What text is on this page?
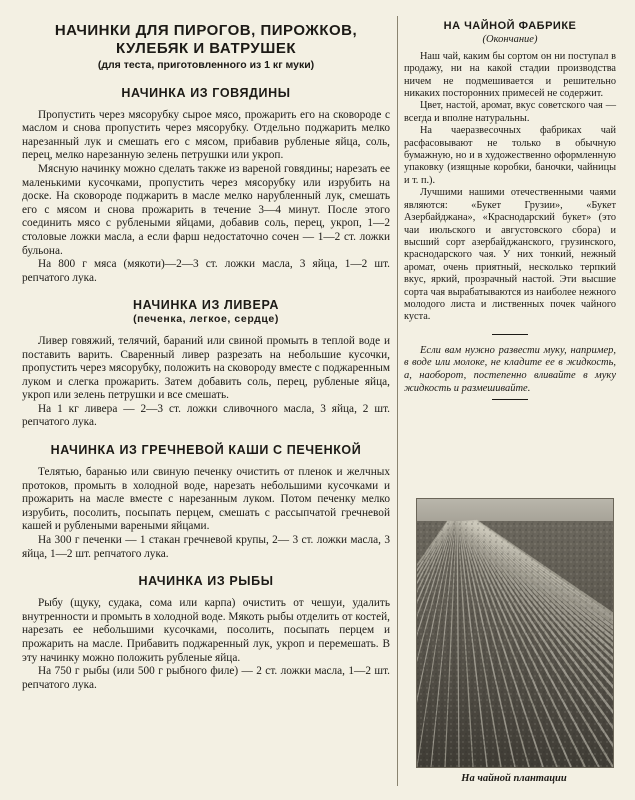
НАЧИНКИ ДЛЯ ПИРОГОВ, ПИРОЖКОВ,
КУЛЕБЯК И ВАТРУШЕК
(для теста, приготовленного из 1 кг муки)
НАЧИНКА ИЗ ГОВЯДИНЫ

Пропустить через мясорубку сырое мясо, прожарить его на сковороде с маслом и снова пропустить через мясорубку. Отдельно поджарить мелко нарезанный лук и смешать его с мясом, прибавив рубленые яйца, соль, перец, мелко нарезанную зелень петрушки или укроп.

Мясную начинку можно сделать также из вареной говядины; нарезать ее маленькими кусочками, пропустить через мясорубку или изрубить на доске. На сковороде поджарить в масле мелко нарубленный лук, смешать его с мясом и снова прожарить в течение 3—4 минут. После этого соединить мясо с рублеными яйцами, добавив соль, перец, укроп, 1—2 столовые ложки масла, а если фарш недостаточно сочен — 1—2 ст. ложки бульона.

На 800 г мяса (мякоти)—2—3 ст. ложки масла, 3 яйца, 1—2 шт. репчатого лука.

НАЧИНКА ИЗ ЛИВЕРА
(печенка, легкое, сердце)

Ливер говяжий, телячий, бараний или свиной промыть в теплой воде и поставить варить. Сваренный ливер разрезать на небольшие кусочки, пропустить через мясорубку, положить на сковороду вместе с поджаренным луком и слегка прожарить. Затем добавить соль, перец, рубленые яйца, укроп или зелень петрушки и все смешать.

На 1 кг ливера — 2—3 ст. ложки сливочного масла, 3 яйца, 2 шт. репчатого лука.

НАЧИНКА ИЗ ГРЕЧНЕВОЙ КАШИ С ПЕЧЕНКОЙ

Телятью, баранью или свиную печенку очистить от пленок и желчных протоков, промыть в холодной воде, нарезать небольшими кусочками и прожарить на масле вместе с нарезанным луком. Потом печенку мелко изрубить, посолить, посыпать перцем, смешать с рассыпчатой гречневой кашей и рублеными вареными яйцами.

На 300 г печенки — 1 стакан гречневой крупы, 2— 3 ст. ложки масла, 3 яйца, 1—2 шт. репчатого лука.

НАЧИНКА ИЗ РЫБЫ

Рыбу (щуку, судака, сома или карпа) очистить от чешуи, удалить внутренности и промыть в холодной воде. Мякоть рыбы отделить от костей, нарезать ее небольшими кусочками, посолить, посыпать перцем и прожарить на масле. Прибавить поджаренный лук, укроп и перемешать. В эту начинку можно положить рубленые яйца.

На 750 г рыбы (или 500 г рыбного филе) — 2 ст. ложки масла, 1—2 шт. репчатого лука.

НА ЧАЙНОЙ ФАБРИКЕ
(Окончание)

Наш чай, каким бы сортом он ни поступал в продажу, ни на какой стадии производства ничем не подмешивается и решительно никаких посторонних примесей не содержит.

Цвет, настой, аромат, вкус советского чая — всегда и вполне натуральны.

На чаеразвесочных фабриках чай расфасовывают не только в обычную бумажную, но и в художественно оформленную упаковку (изящные коробки, баночки, чайницы и т. п.).

Лучшими нашими отечественными чаями являются: «Букет Грузии», «Букет Азербайджана», «Краснодарский букет» (это чаи июльского и августовского сбора) и высший сорт азербайджанского, грузинского, краснодарского чая. У них тонкий, нежный аромат, очень приятный, несколько терпкий вкус, яркий, прозрачный настой. Эти высшие сорта чая вырабатываются из наиболее нежного молодого листа и лиственных почек чайного куста.

Если вам нужно развести муку, например, в воде или молоке, не кладите ее в жидкость, а, наоборот, постепенно вливайте в муку жидкость и размешивайте.

На чайной плантации
